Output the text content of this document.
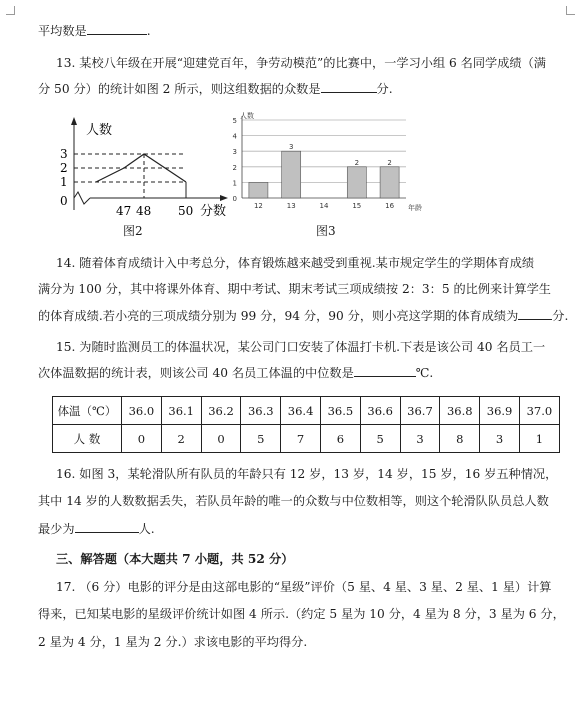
平均数是	.
13. 某校八年级在开展“迎建党百年，争劳动模范”的比赛中，一学习小组 6 名同学成绩（满
分 50 分）的统计如图 2 所示，则这组数据的众数是	分.
人数
3
2
1
0
47 48 50 分数
图2
0
1
2
3
4
5
人数
年龄
12
3
13	14
2
15
2
16
图3
14. 随着体育成绩计入中考总分，体育锻炼越来越受到重视.某市规定学生的学期体育成绩
满分为 100 分，其中将课外体育、期中考试、期末考试三项成绩按 2：3：5 的比例来计算学生
的体育成绩.若小亮的三项成绩分别为 99 分，94 分，90 分，则小亮这学期的体育成绩为	分.
15. 为随时监测员工的体温状况，某公司门口安装了体温打卡机.下表是该公司 40 名员工一
次体温数据的统计表，则该公司 40 名员工体温的中位数是	℃.
体温（℃）	36.0	36.1	36.2	36.3	36.4	36.5	36.6	36.7	36.8	36.9	37.0
人 数	0	2	0	5	7	6	5	3	8	3	1
16. 如图 3，某轮滑队所有队员的年龄只有 12 岁，13 岁，14 岁，15 岁，16 岁五种情况，
其中 14 岁的人数数据丢失，若队员年龄的唯一的众数与中位数相等，则这个轮滑队队员总人数
最少为	人.
三、解答题（本大题共 7 小题，共 52 分）
17. （6 分）电影的评分是由这部电影的“星级”评价（5 星、4 星、3 星、2 星、1 星）计算
得来，已知某电影的星级评价统计如图 4 所示.（约定 5 星为 10 分，4 星为 8 分，3 星为 6 分，
2 星为 4 分，1 星为 2 分.）求该电影的平均得分.
